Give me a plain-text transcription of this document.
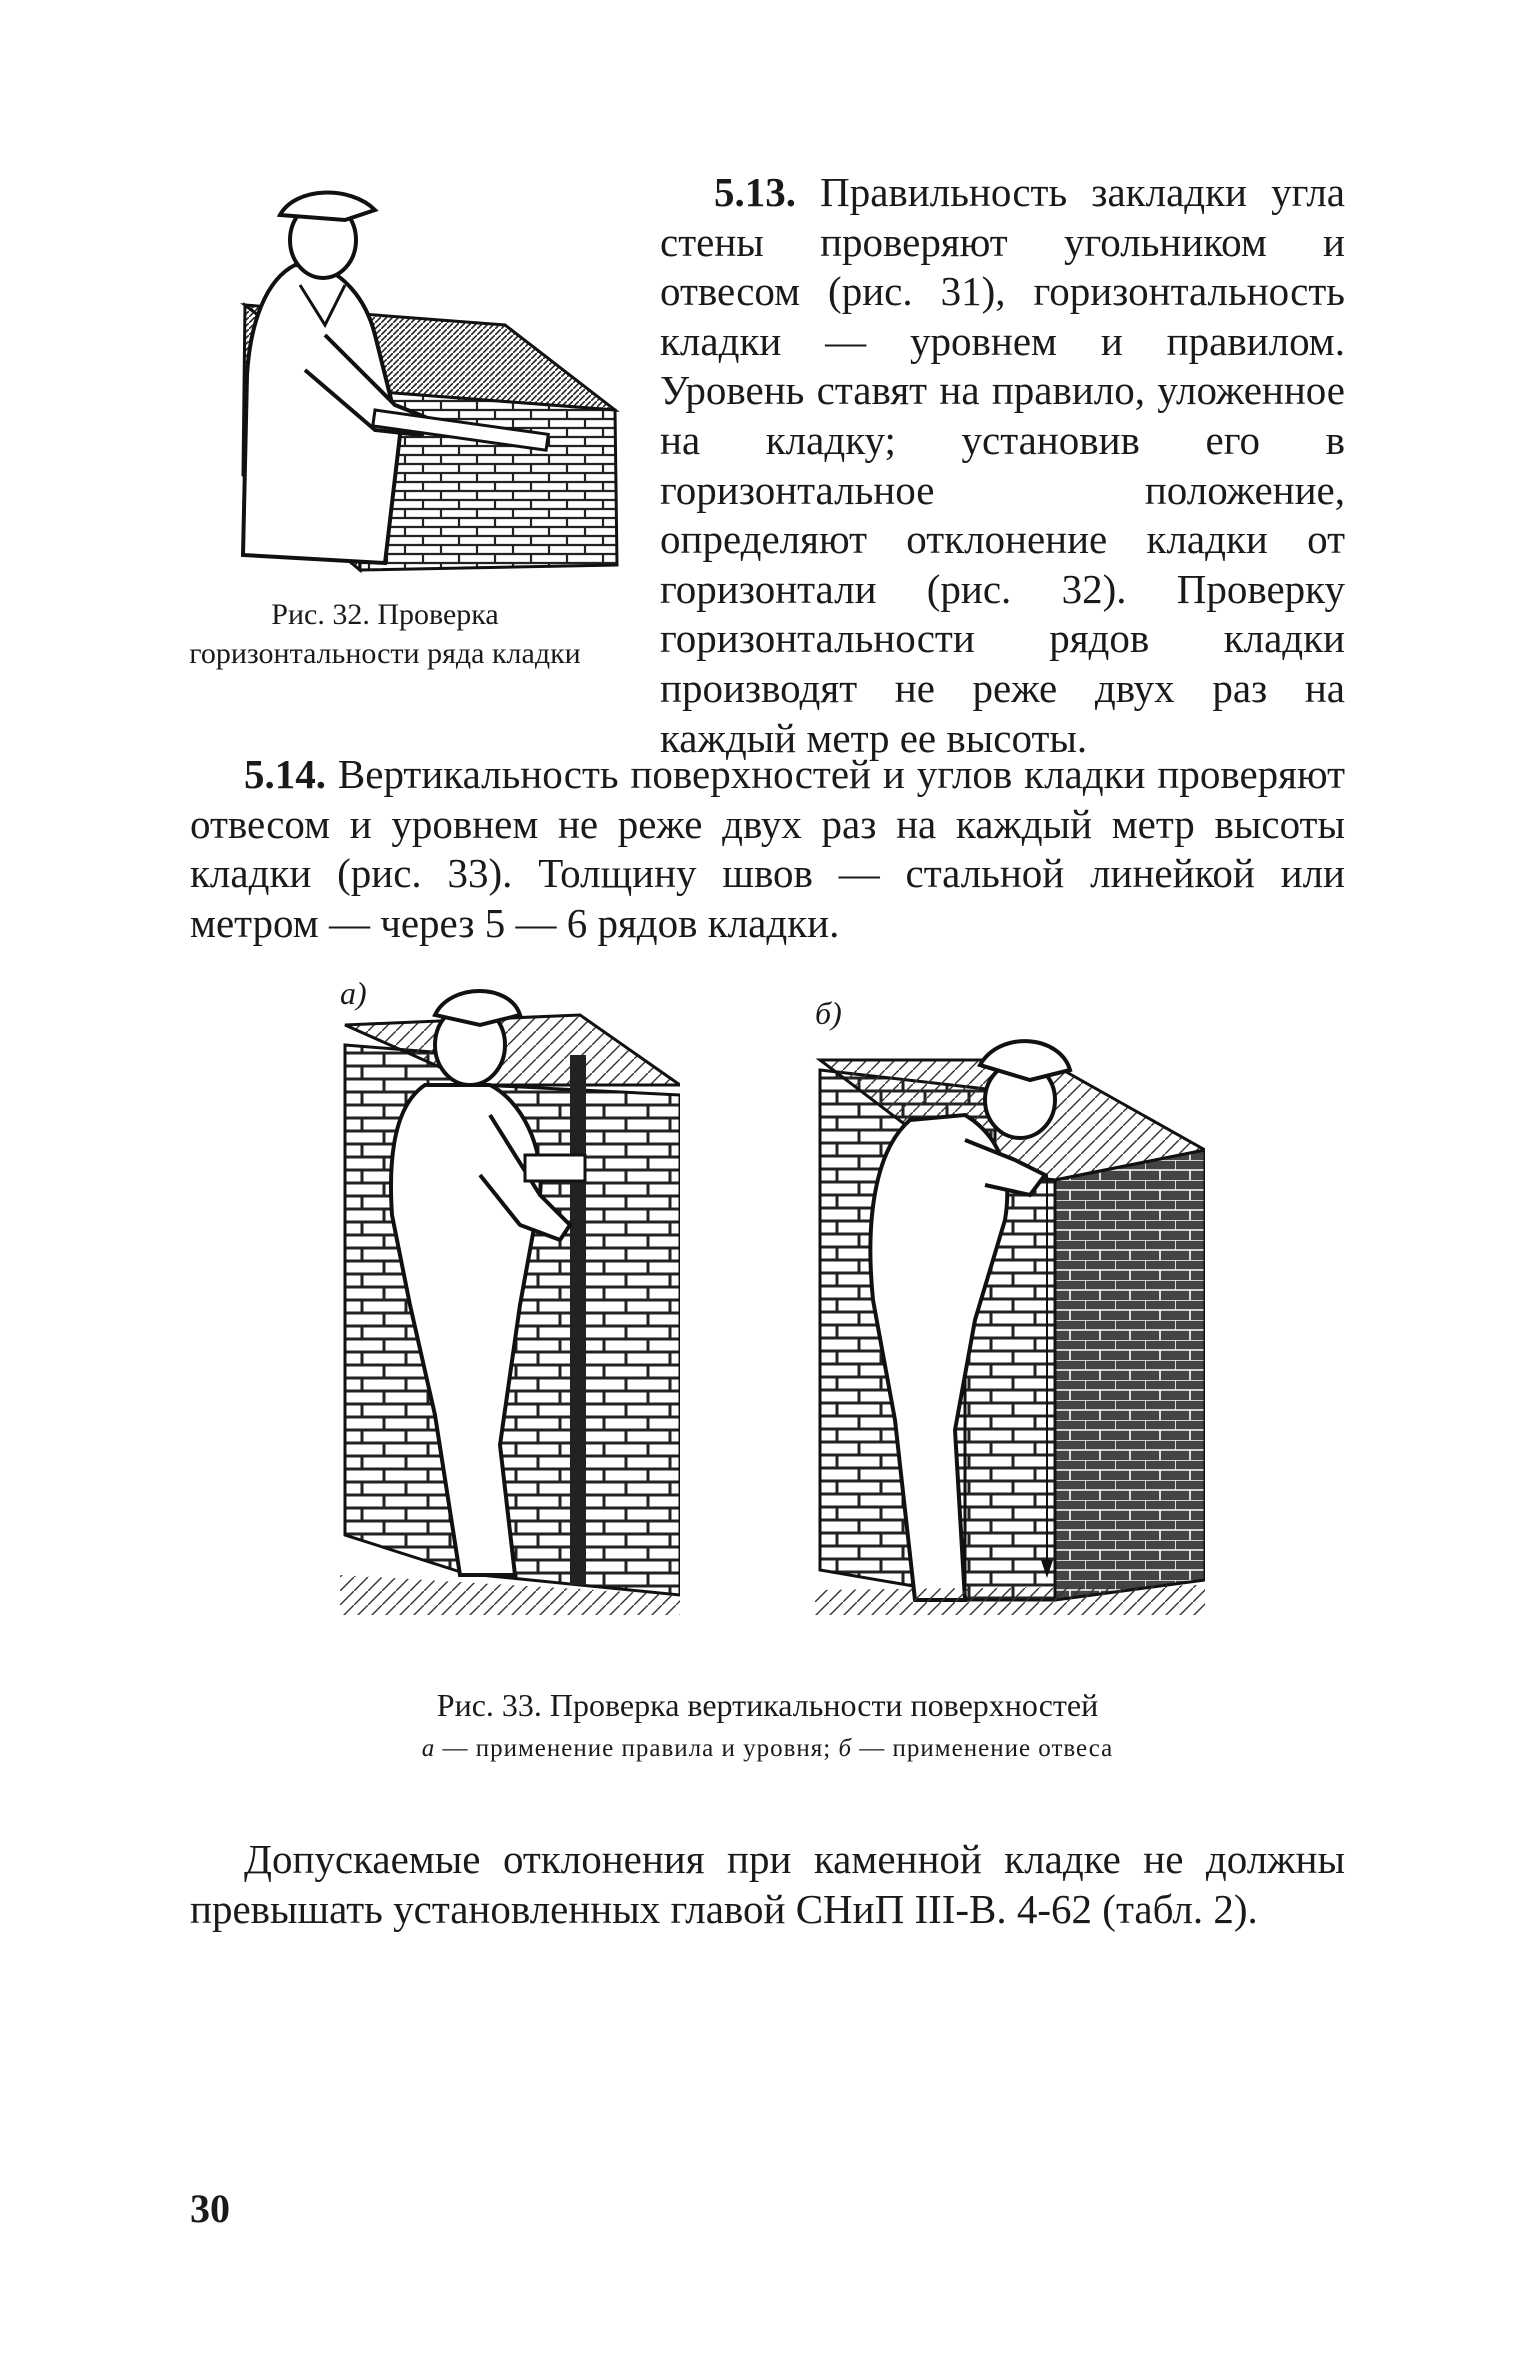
Рис. 32. Проверка горизонтальности ряда кладки

5.13. Правильность закладки угла стены проверяют угольником и отвесом (рис. 31), горизонтальность кладки — уровнем и правилом. Уровень ставят на правило, уложенное на кладку; установив его в горизонтальное положение, определяют отклонение кладки от горизонтали (рис. 32). Проверку горизонтальности рядов кладки производят не реже двух раз на каждый метр ее высоты.

5.14. Вертикальность поверхностей и углов кладки проверяют отвесом и уровнем не реже двух раз на каждый метр высоты кладки (рис. 33). Толщину швов — стальной линейкой или метром — через 5 — 6 рядов кладки.

а)
б)
Рис. 33. Проверка вертикальности поверхностей
а — применение правила и уровня; б — применение отвеса

Допускаемые отклонения при каменной кладке не должны превышать установленных главой СНиП III-В. 4-62 (табл. 2).

30
